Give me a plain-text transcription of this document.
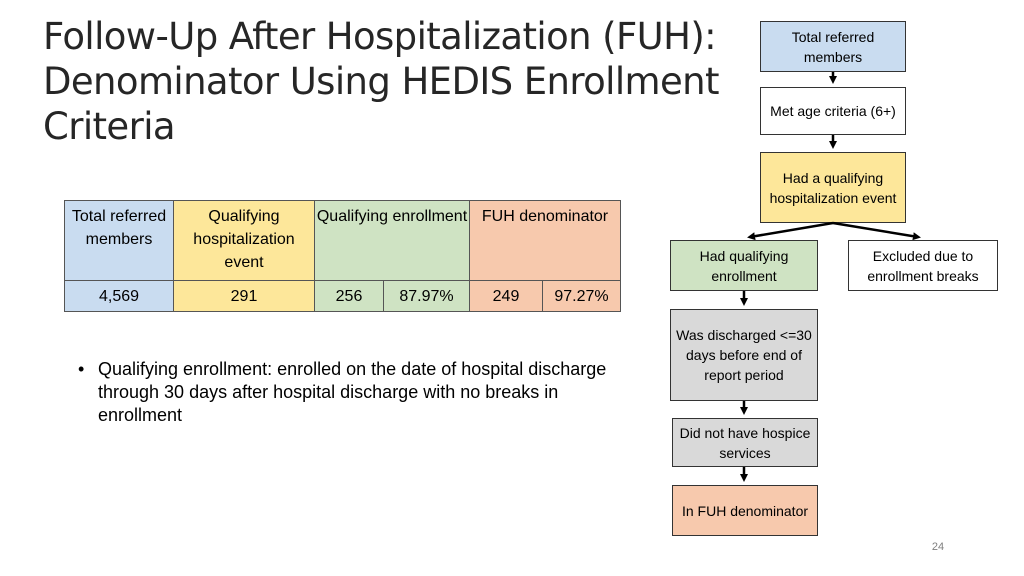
Follow-Up After Hospitalization (FUH): Denominator Using HEDIS Enrollment Criteria
Total referred members	Qualifying hospitalization event	Qualifying enrollment		FUH denominator	
4,569	291	256	87.97%	249	97.27%
• Qualifying enrollment: enrolled on the date of hospital discharge through 30 days after hospital discharge with no breaks in enrollment
Total referred members
Met age criteria (6+)
Had a qualifying hospitalization event
Had qualifying enrollment
Excluded due to enrollment breaks
Was discharged <=30 days before end of report period
Did not have hospice services
In FUH denominator
24
